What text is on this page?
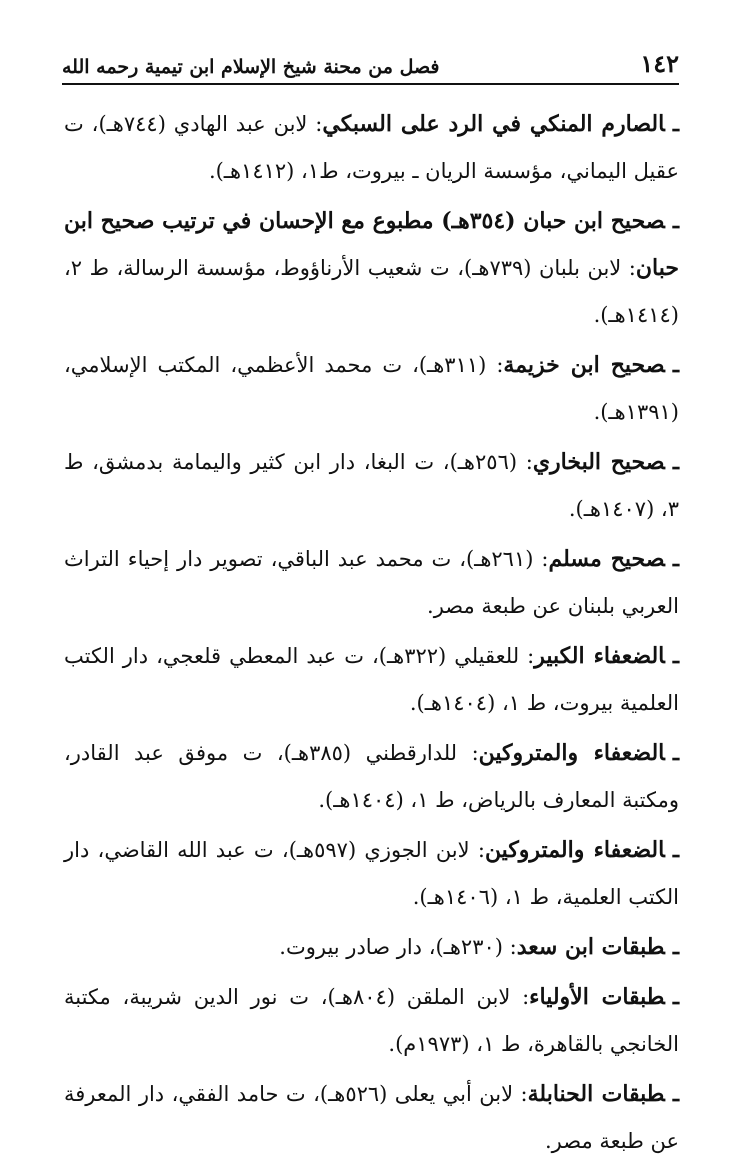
١٤٢
فصل من محنة شيخ الإسلام ابن تيمية رحمه الله

ـالصارم المنكي في الرد على السبكي: لابن عبد الهادي (٧٤٤هـ)، ت عقيل اليماني، مؤسسة الريان ـ بيروت، ط١، (١٤١٢هـ).

ـصحيح ابن حبان (٣٥٤هـ) مطبوع مع الإحسان في ترتيب صحيح ابن حبان: لابن بلبان (٧٣٩هـ)، ت شعيب الأرناؤوط، مؤسسة الرسالة، ط ٢، (١٤١٤هـ).

ـصحيح ابن خزيمة: (٣١١هـ)، ت محمد الأعظمي، المكتب الإسلامي، (١٣٩١هـ).

ـصحيح البخاري: (٢٥٦هـ)، ت البغا، دار ابن كثير واليمامة بدمشق، ط ٣، (١٤٠٧هـ).

ـصحيح مسلم: (٢٦١هـ)، ت محمد عبد الباقي، تصوير دار إحياء التراث العربي بلبنان عن طبعة مصر.

ـالضعفاء الكبير: للعقيلي (٣٢٢هـ)، ت عبد المعطي قلعجي، دار الكتب العلمية بيروت، ط ١، (١٤٠٤هـ).

ـالضعفاء والمتروكين: للدارقطني (٣٨٥هـ)، ت موفق عبد القادر، ومكتبة المعارف بالرياض، ط ١، (١٤٠٤هـ).

ـالضعفاء والمتروكين: لابن الجوزي (٥٩٧هـ)، ت عبد الله القاضي، دار الكتب العلمية، ط ١، (١٤٠٦هـ).

ـطبقات ابن سعد: (٢٣٠هـ)، دار صادر بيروت.

ـطبقات الأولياء: لابن الملقن (٨٠٤هـ)، ت نور الدين شريبة، مكتبة الخانجي بالقاهرة، ط ١، (١٩٧٣م).

ـطبقات الحنابلة: لابن أبي يعلى (٥٢٦هـ)، ت حامد الفقي، دار المعرفة عن طبعة مصر.
